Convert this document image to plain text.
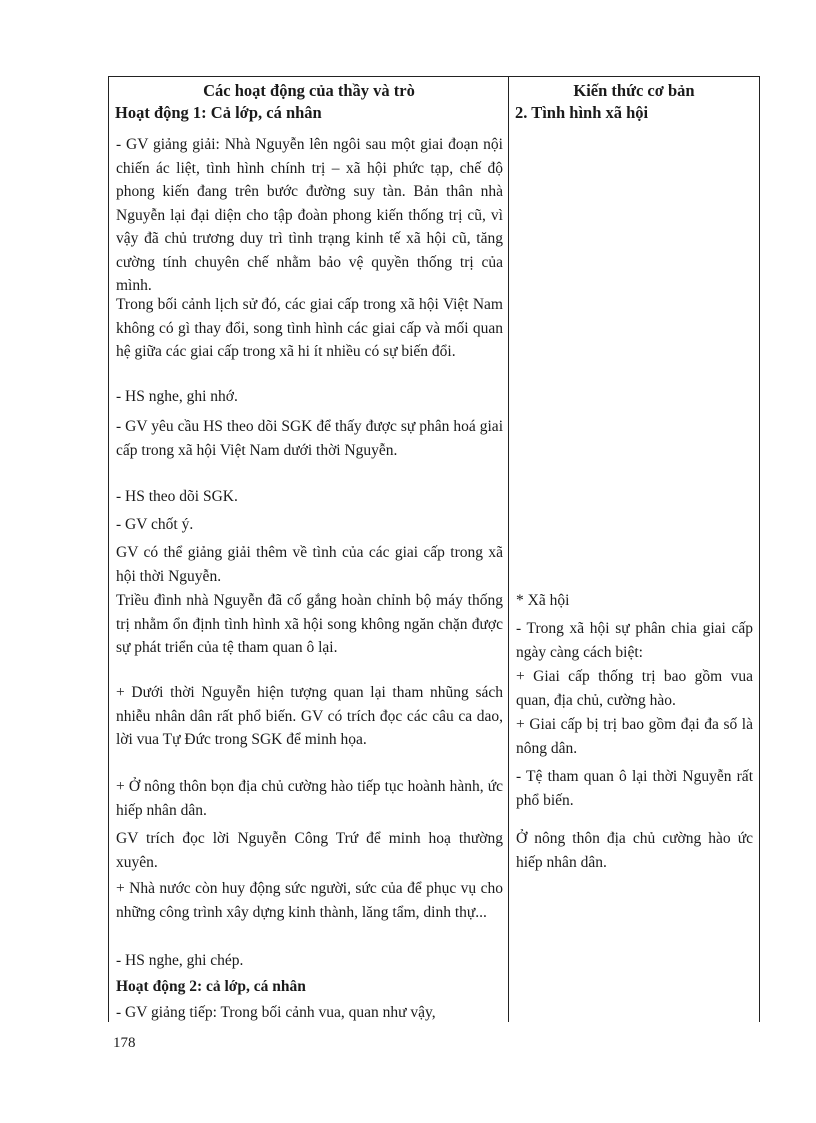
Các hoạt động của thầy và trò
Hoạt động 1: Cả lớp, cá nhân
- GV giảng giải: Nhà Nguyễn lên ngôi sau một giai đoạn nội chiến ác liệt, tình hình chính trị – xã hội phức tạp, chế độ phong kiến đang trên bước đường suy tàn. Bản thân nhà Nguyễn lại đại diện cho tập đoàn phong kiến thống trị cũ, vì vậy đã chủ trương duy trì tình trạng kinh tế xã hội cũ, tăng cường tính chuyên chế nhằm bảo vệ quyền thống trị của mình.
Trong bối cảnh lịch sử đó, các giai cấp trong xã hội Việt Nam không có gì thay đổi, song tình hình các giai cấp và mối quan hệ giữa các giai cấp trong xã hi ít nhiều có sự biến đổi.
- HS nghe, ghi nhớ.
- GV yêu cầu HS theo dõi SGK để thấy được sự phân hoá giai cấp trong xã hội Việt Nam dưới thời Nguyễn.
- HS theo dõi SGK.
- GV chốt ý.
GV có thể giảng giải thêm về tình của các giai cấp trong xã hội thời Nguyễn.
Triều đình nhà Nguyễn đã cố gắng hoàn chỉnh bộ máy thống trị nhằm ổn định tình hình xã hội song không ngăn chặn được sự phát triển của tệ tham quan ô lại.
+ Dưới thời Nguyễn hiện tượng quan lại tham nhũng sách nhiễu nhân dân rất phổ biến. GV có trích đọc các câu ca dao, lời vua Tự Đức trong SGK để minh họa.
+ Ở nông thôn bọn địa chủ cường hào tiếp tục hoành hành, ức hiếp nhân dân.
GV trích đọc lời Nguyễn Công Trứ để minh hoạ thường xuyên.
+ Nhà nước còn huy động sức người, sức của để phục vụ cho những công trình xây dựng kinh thành, lăng tẩm, dinh thự...
- HS nghe, ghi chép.
Hoạt động 2: cả lớp, cá nhân
- GV giảng tiếp: Trong bối cảnh vua, quan như vậy,
Kiến thức cơ bản
2. Tình hình xã hội
* Xã hội
- Trong xã hội sự phân chia giai cấp ngày càng cách biệt:
+ Giai cấp thống trị bao gồm vua quan, địa chủ, cường hào.
+ Giai cấp bị trị bao gồm đại đa số là nông dân.
- Tệ tham quan ô lại thời Nguyễn rất phổ biến.
Ở nông thôn địa chủ cường hào ức hiếp nhân dân.
178
